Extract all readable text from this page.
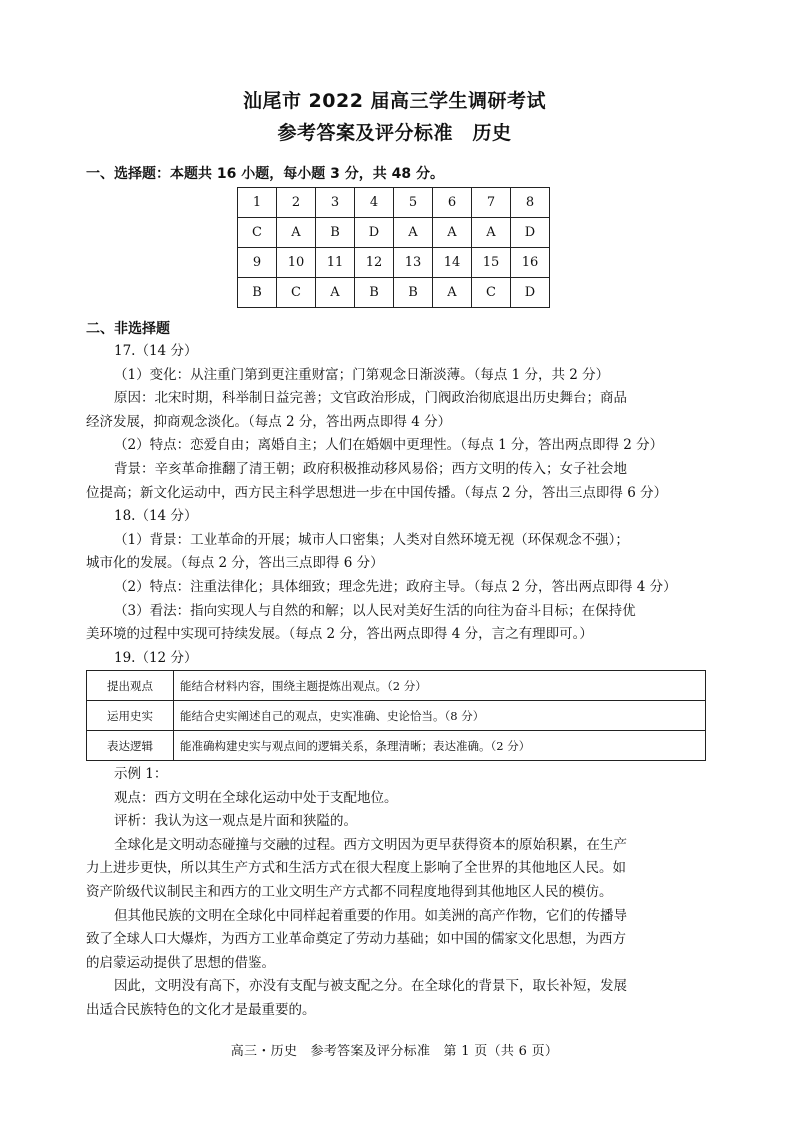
汕尾市 2022 届高三学生调研考试
参考答案及评分标准　历史
一、选择题：本题共 16 小题，每小题 3 分，共 48 分。
1	2	3	4	5	6	7	8
C	A	B	D	A	A	A	D
9	10	11	12	13	14	15	16
B	C	A	B	B	A	C	D
二、非选择题

17.（14 分）

（1）变化：从注重门第到更注重财富；门第观念日渐淡薄。（每点 1 分，共 2 分）

原因：北宋时期，科举制日益完善；文官政治形成，门阀政治彻底退出历史舞台；商品

经济发展，抑商观念淡化。（每点 2 分，答出两点即得 4 分）

（2）特点：恋爱自由；离婚自主；人们在婚姻中更理性。（每点 1 分，答出两点即得 2 分）

背景：辛亥革命推翻了清王朝；政府积极推动移风易俗；西方文明的传入；女子社会地

位提高；新文化运动中，西方民主科学思想进一步在中国传播。（每点 2 分，答出三点即得 6 分）

18.（14 分）

（1）背景：工业革命的开展；城市人口密集；人类对自然环境无视（环保观念不强）；

城市化的发展。（每点 2 分，答出三点即得 6 分）

（2）特点：注重法律化；具体细致；理念先进；政府主导。（每点 2 分，答出两点即得 4 分）

（3）看法：指向实现人与自然的和解；以人民对美好生活的向往为奋斗目标；在保持优

美环境的过程中实现可持续发展。（每点 2 分，答出两点即得 4 分，言之有理即可。）

19.（12 分）

提出观点	能结合材料内容，围绕主题提炼出观点。（2 分）
运用史实	能结合史实阐述自己的观点，史实准确、史论恰当。（8 分）
表达逻辑	能准确构建史实与观点间的逻辑关系，条理清晰；表达准确。（2 分）

示例 1：

观点：西方文明在全球化运动中处于支配地位。

评析：我认为这一观点是片面和狭隘的。

全球化是文明动态碰撞与交融的过程。西方文明因为更早获得资本的原始积累，在生产

力上进步更快，所以其生产方式和生活方式在很大程度上影响了全世界的其他地区人民。如

资产阶级代议制民主和西方的工业文明生产方式都不同程度地得到其他地区人民的模仿。

但其他民族的文明在全球化中同样起着重要的作用。如美洲的高产作物，它们的传播导

致了全球人口大爆炸，为西方工业革命奠定了劳动力基础；如中国的儒家文化思想，为西方

的启蒙运动提供了思想的借鉴。

因此，文明没有高下，亦没有支配与被支配之分。在全球化的背景下，取长补短，发展

出适合民族特色的文化才是最重要的。

高三・历史　参考答案及评分标准　第 1 页（共 6 页）
